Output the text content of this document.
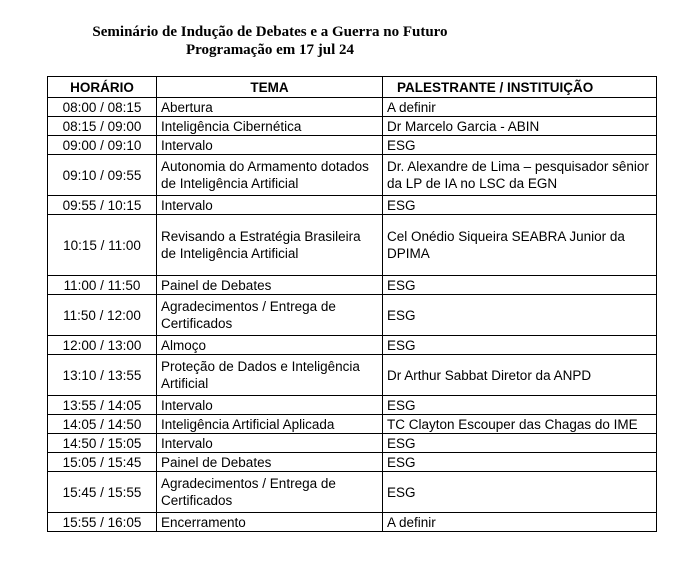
Seminário de Indução de Debates e a Guerra no Futuro

Programação em 17 jul 24

HORÁRIO	TEMA	PALESTRANTE / INSTITUIÇÃO
08:00 / 08:15	Abertura	A definir
08:15 / 09:00	Inteligência Cibernética	Dr Marcelo Garcia - ABIN
09:00 / 09:10	Intervalo	ESG
09:10 / 09:55	Autonomia do Armamento dotados de Inteligência Artificial	Dr. Alexandre de Lima – pesquisador sênior da LP de IA no LSC da EGN
09:55 / 10:15	Intervalo	ESG
10:15 / 11:00	Revisando a Estratégia Brasileira de Inteligência Artificial	Cel Onédio Siqueira SEABRA Junior da DPIMA
11:00 / 11:50	Painel de Debates	ESG
11:50 / 12:00	Agradecimentos / Entrega de Certificados	ESG
12:00 / 13:00	Almoço	ESG
13:10 / 13:55	Proteção de Dados e Inteligência Artificial	Dr Arthur Sabbat Diretor da ANPD
13:55 / 14:05	Intervalo	ESG
14:05 / 14:50	Inteligência Artificial Aplicada	TC Clayton Escouper das Chagas do IME
14:50 / 15:05	Intervalo	ESG
15:05 / 15:45	Painel de Debates	ESG
15:45 / 15:55	Agradecimentos / Entrega de Certificados	ESG
15:55 / 16:05	Encerramento	A definir
